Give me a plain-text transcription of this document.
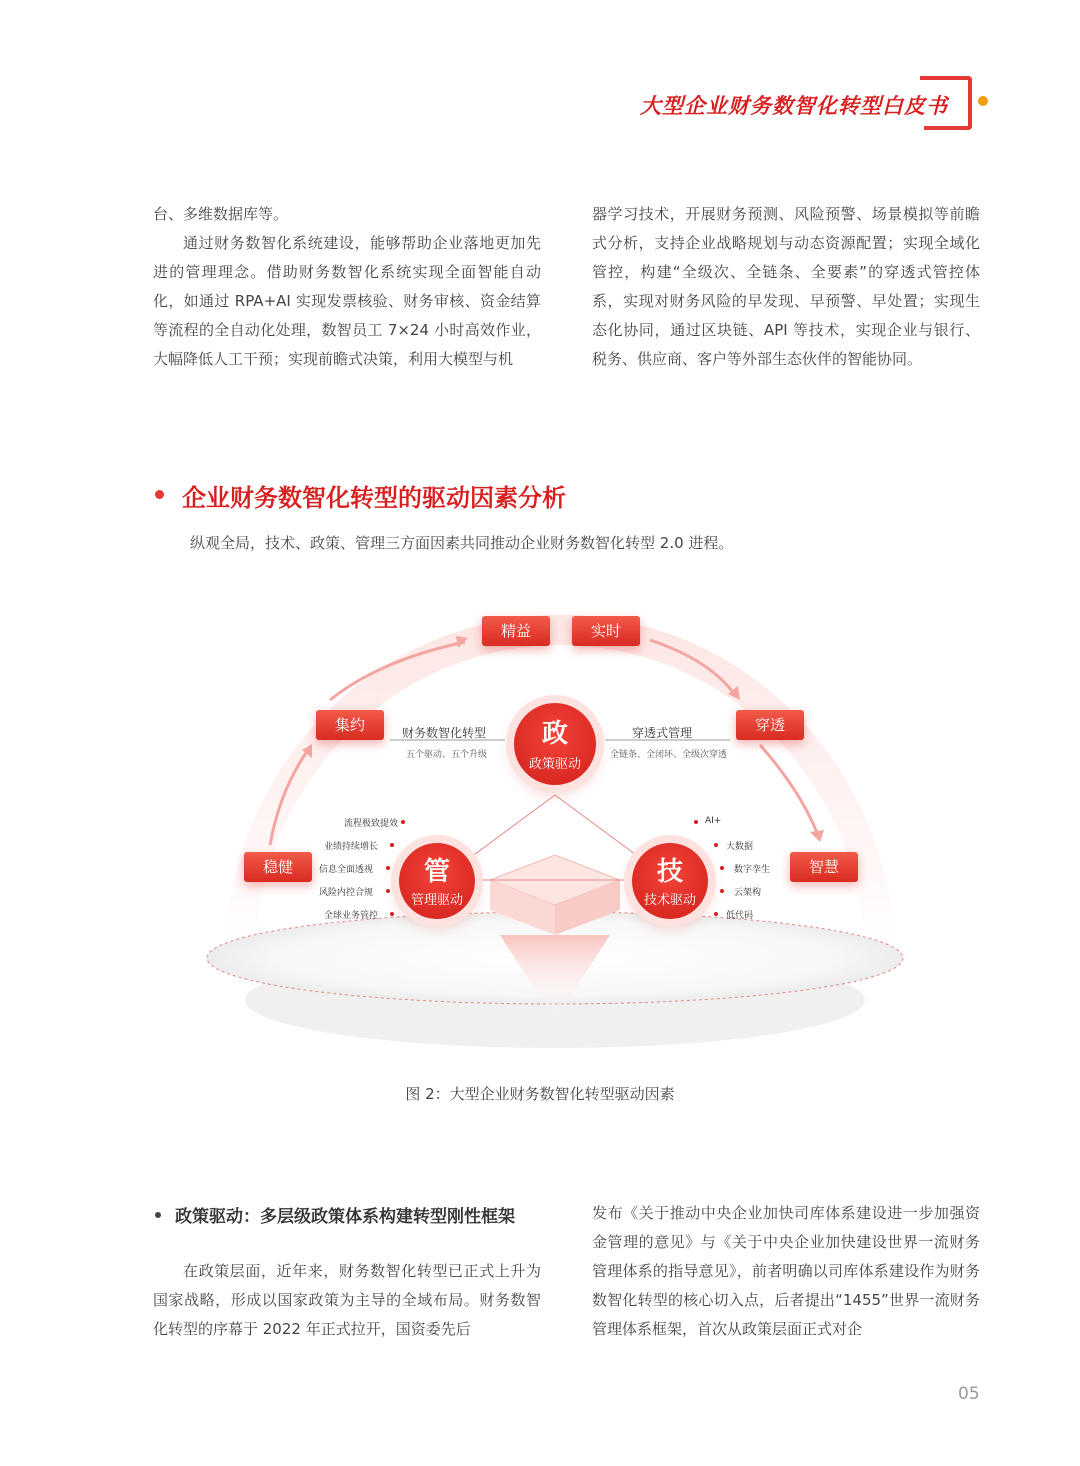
大型企业财务数智化转型白皮书

台、多维数据库等。

通过财务数智化系统建设，能够帮助企业落地更加先进的管理理念。借助财务数智化系统实现全面智能自动化，如通过 RPA+AI 实现发票核验、财务审核、资金结算等流程的全自动化处理，数智员工 7×24 小时高效作业，大幅降低人工干预；实现前瞻式决策，利用大模型与机

器学习技术，开展财务预测、风险预警、场景模拟等前瞻式分析，支持企业战略规划与动态资源配置；实现全域化管控，构建“全级次、全链条、全要素”的穿透式管控体系，实现对财务风险的早发现、早预警、早处置；实现生态化协同，通过区块链、API 等技术，实现企业与银行、税务、供应商、客户等外部生态伙伴的智能协同。

企业财务数智化转型的驱动因素分析
纵观全局，技术、政策、管理三方面因素共同推动企业财务数智化转型 2.0 进程。
精益	实时
集约	穿透
稳健	智慧
政
政策驱动
财务数智化转型
五个驱动、五个升级
穿透式管理
全链条、全闭环、全级次穿透
管
管理驱动
流程极致提效
业绩持续增长
信息全面透视
风险内控合规
全球业务管控
技
技术驱动
AI+
大数据
数字孪生
云架构
低代码
图 2：大型企业财务数智化转型驱动因素
政策驱动：多层级政策体系构建转型刚性框架

在政策层面，近年来，财务数智化转型已正式上升为国家战略，形成以国家政策为主导的全域布局。财务数智化转型的序幕于 2022 年正式拉开，国资委先后

发布《关于推动中央企业加快司库体系建设进一步加强资金管理的意见》与《关于中央企业加快建设世界一流财务管理体系的指导意见》，前者明确以司库体系建设作为财务数智化转型的核心切入点，后者提出“1455”世界一流财务管理体系框架，首次从政策层面正式对企

05
